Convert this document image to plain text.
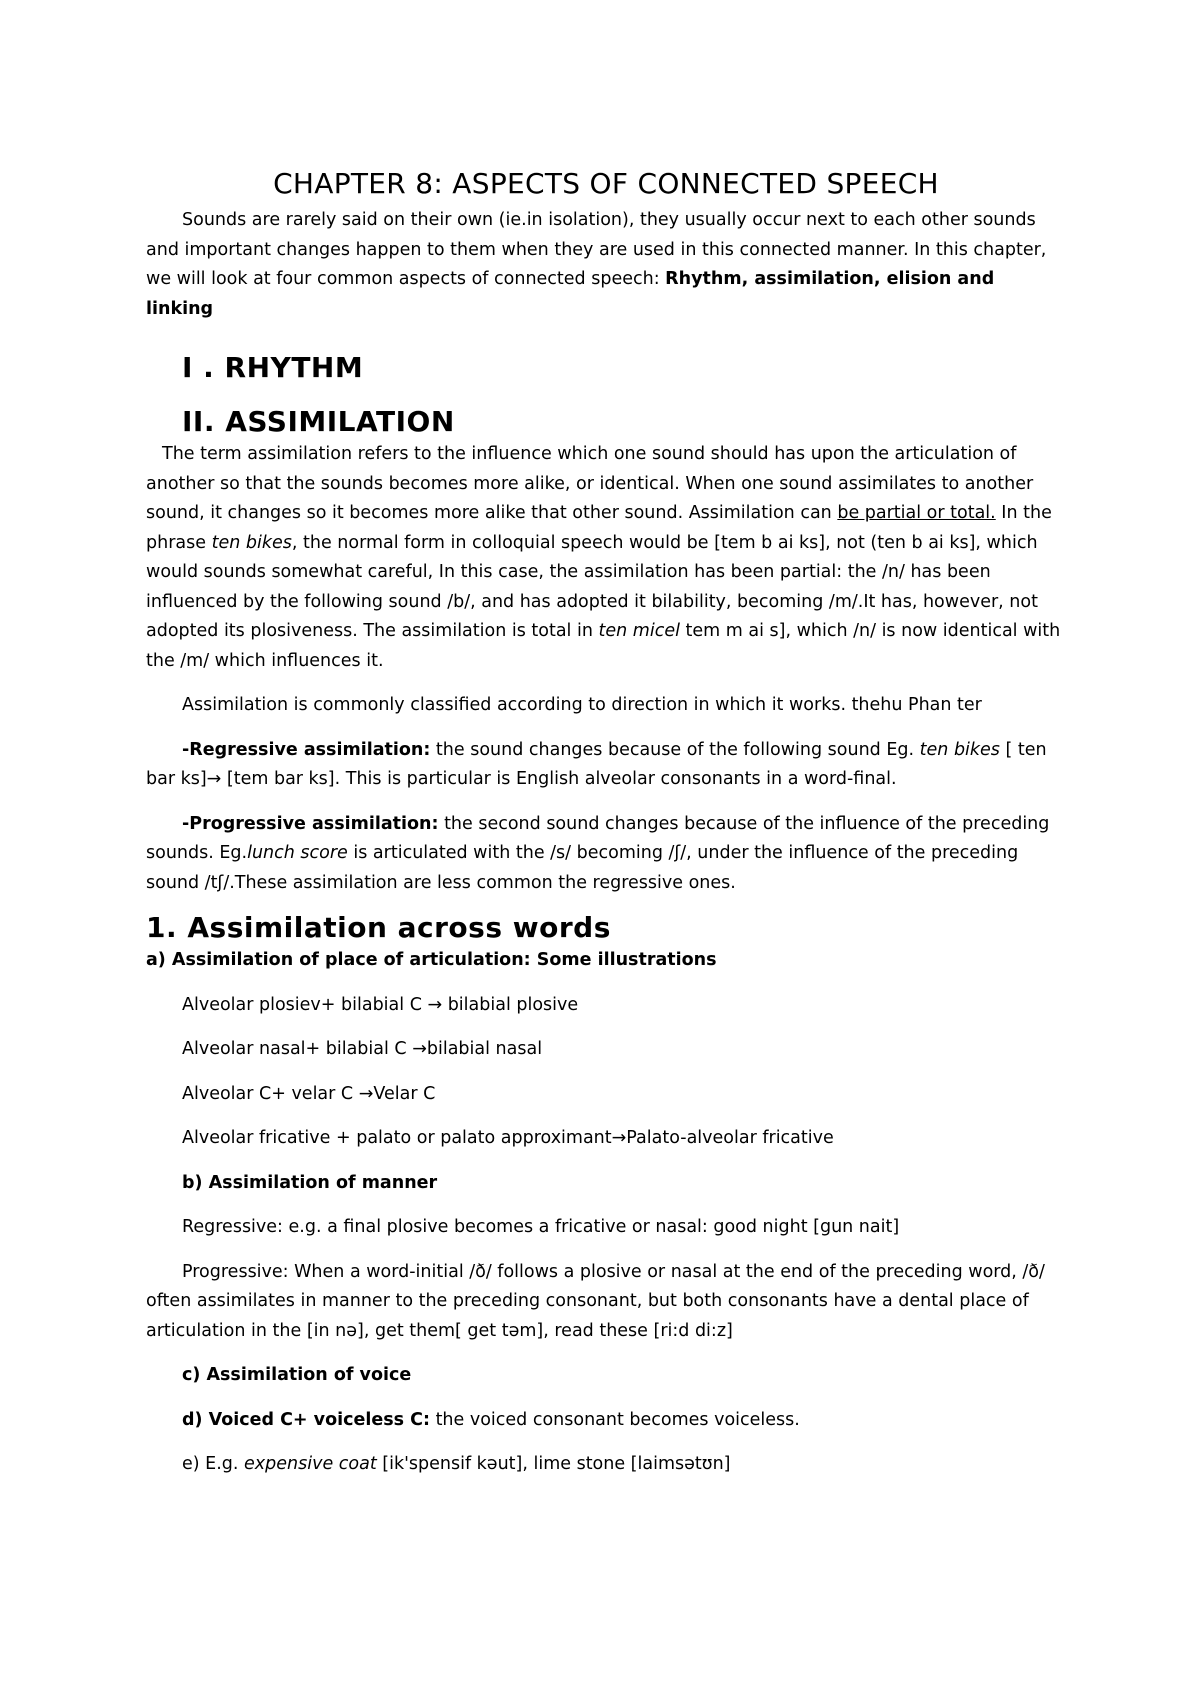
CHAPTER 8: ASPECTS OF CONNECTED SPEECH

Sounds are rarely said on their own (ie.in isolation), they usually occur next to each other sounds and important changes happen to them when they are used in this connected manner. In this chapter, we will look at four common aspects of connected speech: Rhythm, assimilation, elision and linking

I . RHYTHM
II. ASSIMILATION

The term assimilation refers to the influence which one sound should has upon the articulation of another so that the sounds becomes more alike, or identical. When one sound assimilates to another sound, it changes so it becomes more alike that other sound. Assimilation can be partial or total. In the phrase ten bikes, the normal form in colloquial speech would be [tem b ai ks], not (ten b ai ks], which would sounds somewhat careful, In this case, the assimilation has been partial: the /n/ has been influenced by the following sound /b/, and has adopted it bilability, becoming /m/.It has, however, not adopted its plosiveness. The assimilation is total in ten micel tem m ai s], which /n/ is now identical with the /m/ which influences it.

Assimilation is commonly classified according to direction in which it works. thehu Phan ter

-Regressive assimilation: the sound changes because of the following sound Eg. ten bikes [ ten bar ks]→ [tem bar ks]. This is particular is English alveolar consonants in a word-final.

-Progressive assimilation: the second sound changes because of the influence of the preceding sounds. Eg.lunch score is articulated with the /s/ becoming /ʃ/, under the influence of the preceding sound /tʃ/.These assimilation are less common the regressive ones.

1. Assimilation across words

a) Assimilation of place of articulation: Some illustrations

Alveolar plosiev+ bilabial C → bilabial plosive

Alveolar nasal+ bilabial C →bilabial nasal

Alveolar C+ velar C →Velar C

Alveolar fricative + palato or palato approximant→Palato-alveolar fricative

b) Assimilation of manner

Regressive: e.g. a final plosive becomes a fricative or nasal: good night [gun nait]

Progressive: When a word-initial /ð/ follows a plosive or nasal at the end of the preceding word, /ð/ often assimilates in manner to the preceding consonant, but both consonants have a dental place of articulation in the [in nə], get them[ get təm], read these [ri:d di:z]

c) Assimilation of voice

d) Voiced C+ voiceless C: the voiced consonant becomes voiceless.

e) E.g. expensive coat [ik'spensif kəut], lime stone [laimsətʊn]
